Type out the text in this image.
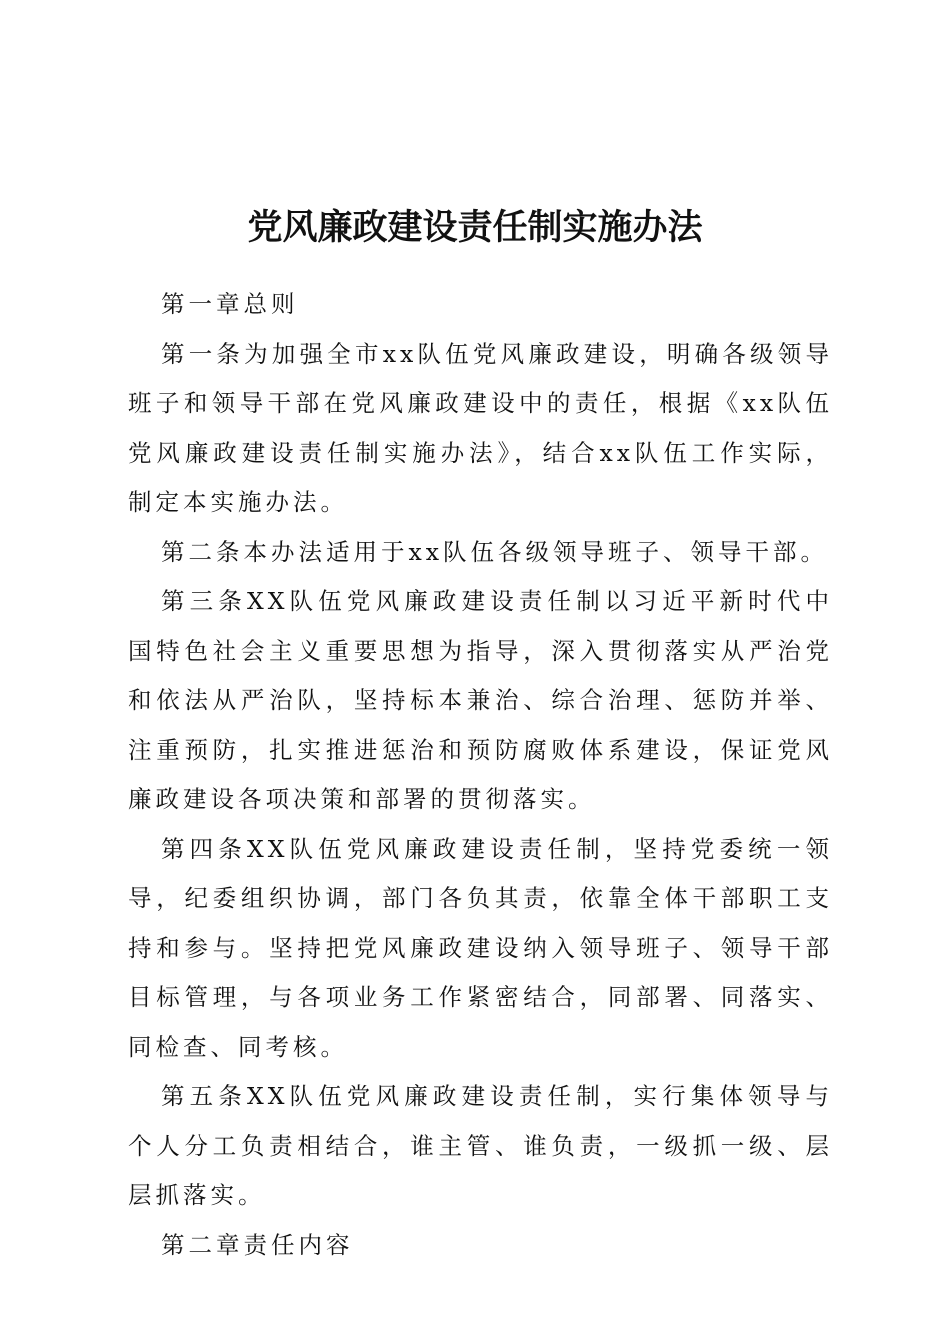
党风廉政建设责任制实施办法

第一章总则

第一条为加强全市xx队伍党风廉政建设，明确各级领导班子和领导干部在党风廉政建设中的责任，根据《xx队伍党风廉政建设责任制实施办法》，结合xx队伍工作实际，制定本实施办法。

第二条本办法适用于xx队伍各级领导班子、领导干部。

第三条XX队伍党风廉政建设责任制以习近平新时代中国特色社会主义重要思想为指导，深入贯彻落实从严治党和依法从严治队，坚持标本兼治、综合治理、惩防并举、注重预防，扎实推进惩治和预防腐败体系建设，保证党风廉政建设各项决策和部署的贯彻落实。

第四条XX队伍党风廉政建设责任制，坚持党委统一领导，纪委组织协调，部门各负其责，依靠全体干部职工支持和参与。坚持把党风廉政建设纳入领导班子、领导干部目标管理，与各项业务工作紧密结合，同部署、同落实、同检查、同考核。

第五条XX队伍党风廉政建设责任制，实行集体领导与个人分工负责相结合，谁主管、谁负责，一级抓一级、层层抓落实。

第二章责任内容
